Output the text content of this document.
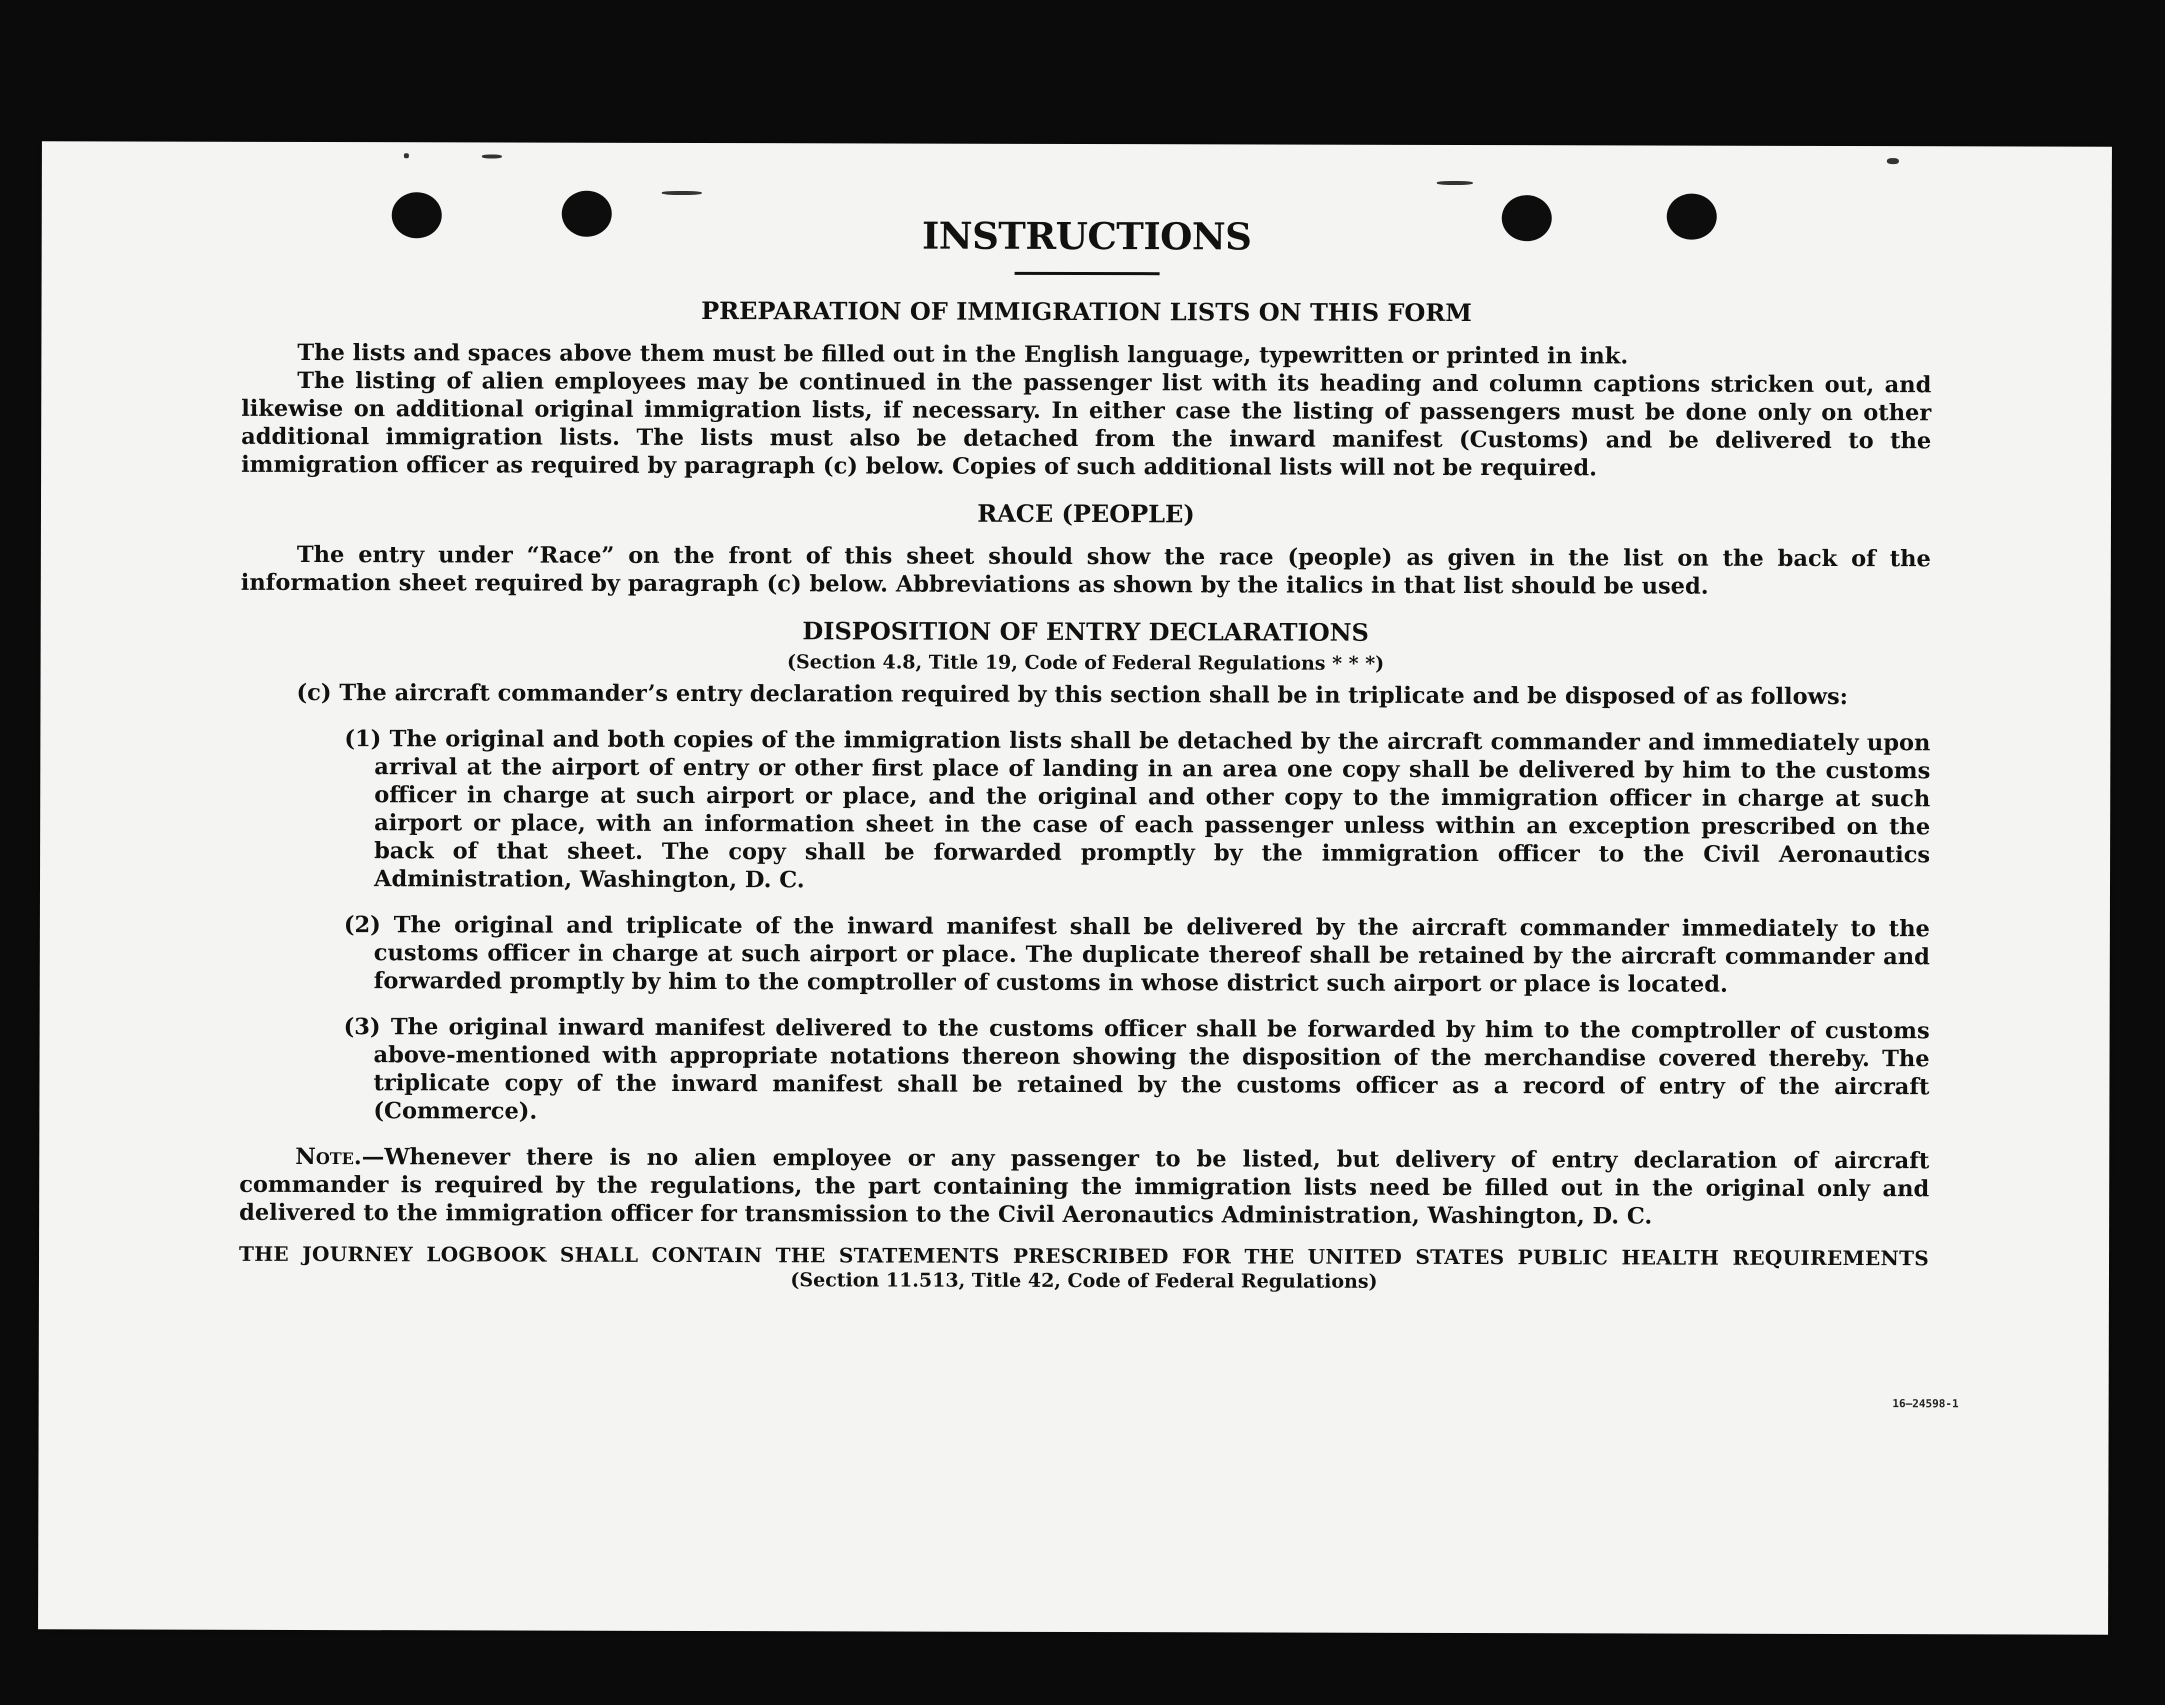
INSTRUCTIONS
PREPARATION OF IMMIGRATION LISTS ON THIS FORM

The lists and spaces above them must be filled out in the English language, typewritten or printed in ink.

The listing of alien employees may be continued in the passenger list with its heading and column captions stricken out, and likewise on additional original immigration lists, if necessary. In either case the listing of passengers must be done only on other additional immigration lists. The lists must also be detached from the inward manifest (Customs) and be delivered to the immigration officer as required by paragraph (c) below. Copies of such additional lists will not be required.

RACE (PEOPLE)

The entry under “Race” on the front of this sheet should show the race (people) as given in the list on the back of the information sheet required by paragraph (c) below. Abbreviations as shown by the italics in that list should be used.

DISPOSITION OF ENTRY DECLARATIONS
(Section 4.8, Title 19, Code of Federal Regulations * * *)

(c) The aircraft commander’s entry declaration required by this section shall be in triplicate and be disposed of as follows:

(1) The original and both copies of the immigration lists shall be detached by the aircraft commander and immediately upon arrival at the airport of entry or other first place of landing in an area one copy shall be delivered by him to the customs officer in charge at such airport or place, and the original and other copy to the immigration officer in charge at such airport or place, with an information sheet in the case of each passenger unless within an exception prescribed on the back of that sheet. The copy shall be forwarded promptly by the immigration officer to the Civil Aeronautics Administration, Washington, D. C.
(2) The original and triplicate of the inward manifest shall be delivered by the aircraft commander immediately to the customs officer in charge at such airport or place. The duplicate thereof shall be retained by the aircraft commander and forwarded promptly by him to the comptroller of customs in whose district such airport or place is located.
(3) The original inward manifest delivered to the customs officer shall be forwarded by him to the comptroller of customs above-mentioned with appropriate notations thereon showing the disposition of the merchandise covered thereby. The triplicate copy of the inward manifest shall be retained by the customs officer as a record of entry of the aircraft (Commerce).

Note.—Whenever there is no alien employee or any passenger to be listed, but delivery of entry declaration of aircraft commander is required by the regulations, the part containing the immigration lists need be filled out in the original only and delivered to the immigration officer for transmission to the Civil Aeronautics Administration, Washington, D. C.

THE JOURNEY LOGBOOK SHALL CONTAIN THE STATEMENTS PRESCRIBED FOR THE UNITED STATES PUBLIC HEALTH REQUIREMENTS
(Section 11.513, Title 42, Code of Federal Regulations)
16—24598-1
